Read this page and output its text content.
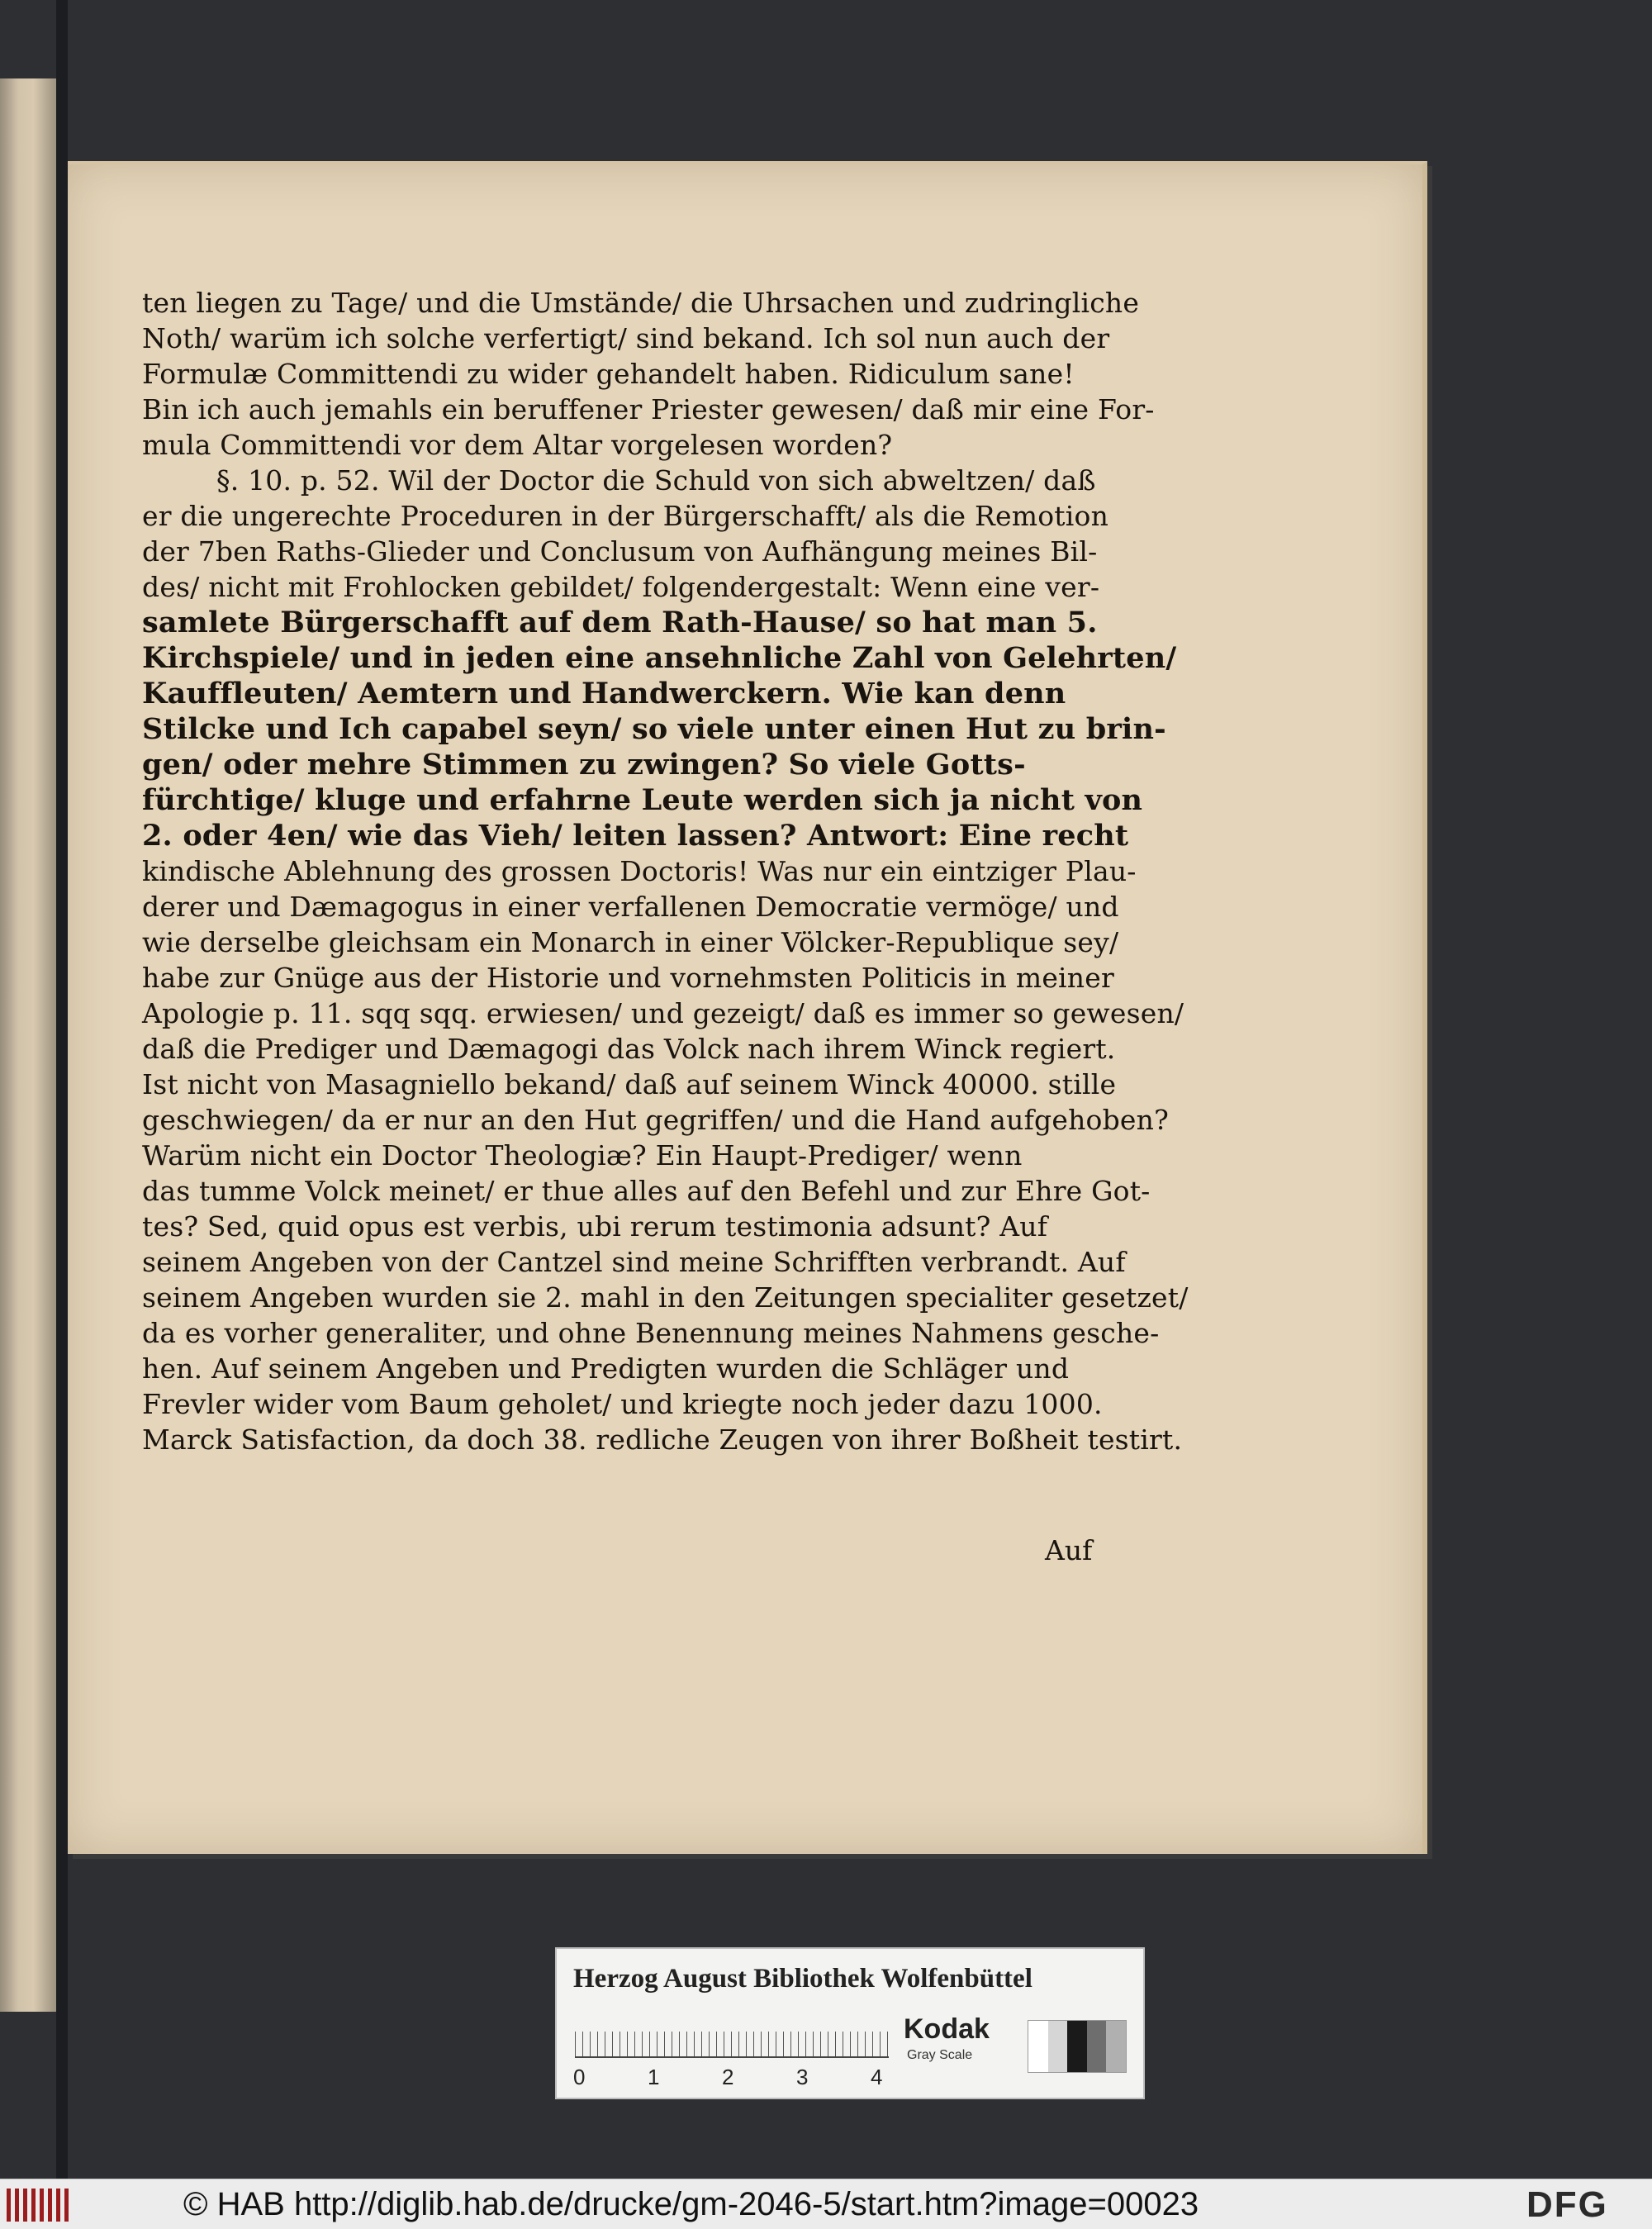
ten liegen zu Tage/ und die Umstände/ die Uhrsachen und zudringliche
Noth/ warüm ich solche verfertigt/ sind bekand. Ich sol nun auch der
Formulæ Committendi zu wider gehandelt haben. Ridiculum sane!
Bin ich auch jemahls ein beruffener Priester gewesen/ daß mir eine For-
mula Committendi vor dem Altar vorgelesen worden?
§. 10. p. 52. Wil der Doctor die Schuld von sich abweltzen/ daß
er die ungerechte Proceduren in der Bürgerschafft/ als die Remotion
der 7ben Raths-Glieder und Conclusum von Aufhängung meines Bil-
des/ nicht mit Frohlocken gebildet/ folgendergestalt: Wenn eine ver-
samlete Bürgerschafft auf dem Rath-Hause/ so hat man 5.
Kirchspiele/ und in jeden eine ansehnliche Zahl von Gelehrten/
Kauffleuten/ Aemtern und Handwerckern. Wie kan denn
Stilcke und Ich capabel seyn/ so viele unter einen Hut zu brin-
gen/ oder mehre Stimmen zu zwingen? So viele Gotts-
fürchtige/ kluge und erfahrne Leute werden sich ja nicht von
2. oder 4en/ wie das Vieh/ leiten lassen? Antwort: Eine recht
kindische Ablehnung des grossen Doctoris! Was nur ein eintziger Plau-
derer und Dæmagogus in einer verfallenen Democratie vermöge/ und
wie derselbe gleichsam ein Monarch in einer Völcker-Republique sey/
habe zur Gnüge aus der Historie und vornehmsten Politicis in meiner
Apologie p. 11. sqq sqq. erwiesen/ und gezeigt/ daß es immer so gewesen/
daß die Prediger und Dæmagogi das Volck nach ihrem Winck regiert.
Ist nicht von Masagniello bekand/ daß auf seinem Winck 40000. stille
geschwiegen/ da er nur an den Hut gegriffen/ und die Hand aufgehoben?
Warüm nicht ein Doctor Theologiæ? Ein Haupt-Prediger/ wenn
das tumme Volck meinet/ er thue alles auf den Befehl und zur Ehre Got-
tes? Sed, quid opus est verbis, ubi rerum testimonia adsunt? Auf
seinem Angeben von der Cantzel sind meine Schrifften verbrandt. Auf
seinem Angeben wurden sie 2. mahl in den Zeitungen specialiter gesetzet/
da es vorher generaliter, und ohne Benennung meines Nahmens gesche-
hen. Auf seinem Angeben und Predigten wurden die Schläger und
Frevler wider vom Baum geholet/ und kriegte noch jeder dazu 1000.
Marck Satisfaction, da doch 38. redliche Zeugen von ihrer Boßheit testirt.
Auf
Herzog August Bibliothek Wolfenbüttel
0	1	2	3	4
Kodak
Gray Scale
© HAB http://diglib.hab.de/drucke/gm-2046-5/start.htm?image=00023	DFG
